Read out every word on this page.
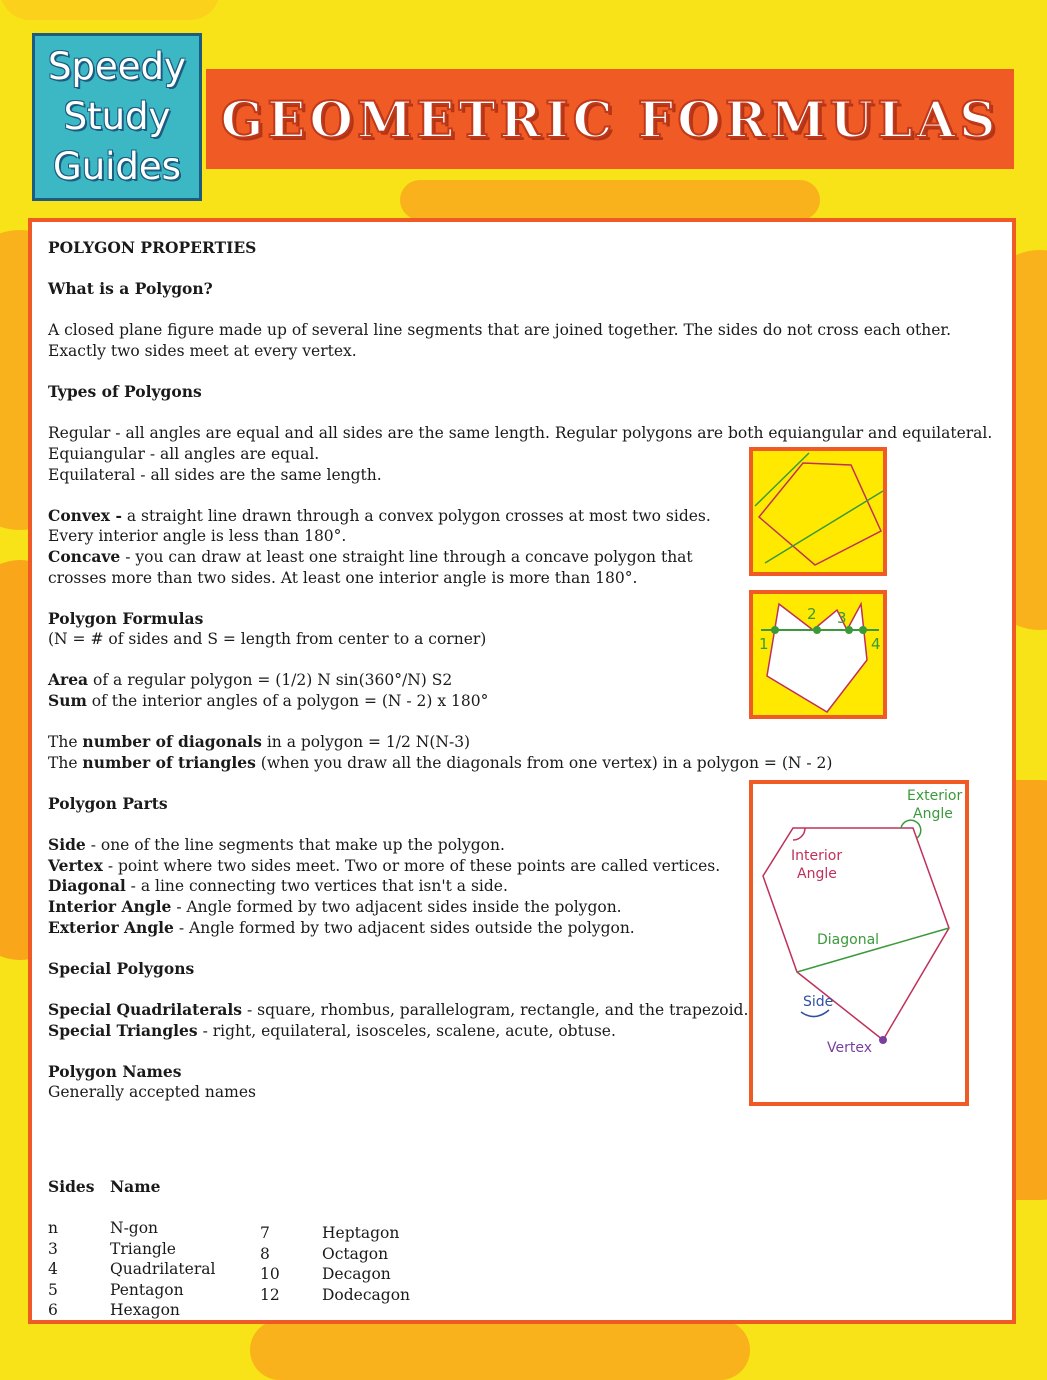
Speedy
Study
Guides
GEOMETRIC FORMULAS

POLYGON PROPERTIES

What is a Polygon?

A closed plane figure made up of several line segments that are joined together. The sides do not cross each other. Exactly two sides meet at every vertex.

Types of Polygons

Regular - all angles are equal and all sides are the same length. Regular polygons are both equiangular and equilateral.
Equiangular - all angles are equal.
Equilateral - all sides are the same length.

Convex - a straight line drawn through a convex polygon crosses at most two sides. Every interior angle is less than 180°.
Concave - you can draw at least one straight line through a concave polygon that crosses more than two sides. At least one interior angle is more than 180°.

Polygon Formulas
(N = # of sides and S = length from center to a corner)

Area of a regular polygon = (1/2) N sin(360°/N) S2
Sum of the interior angles of a polygon = (N - 2) x 180°

The number of diagonals in a polygon = 1/2 N(N-3)
The number of triangles (when you draw all the diagonals from one vertex) in a polygon = (N - 2)

Polygon Parts

Side - one of the line segments that make up the polygon.
Vertex - point where two sides meet. Two or more of these points are called vertices.
Diagonal - a line connecting two vertices that isn't a side.
Interior Angle - Angle formed by two adjacent sides inside the polygon.
Exterior Angle - Angle formed by two adjacent sides outside the polygon.

Special Polygons

Special Quadrilaterals - square, rhombus, parallelogram, rectangle, and the trapezoid.
Special Triangles - right, equilateral, isosceles, scalene, acute, obtuse.

Polygon Names
Generally accepted names

Sides Name
n
3
4
5
6
N-gon
Triangle
Quadrilateral
Pentagon
Hexagon
7
8
10
12
Heptagon
Octagon
Decagon
Dodecagon
1
2 3
4
Exterior
Angle
Interior
Angle
Diagonal
Side
Vertex
